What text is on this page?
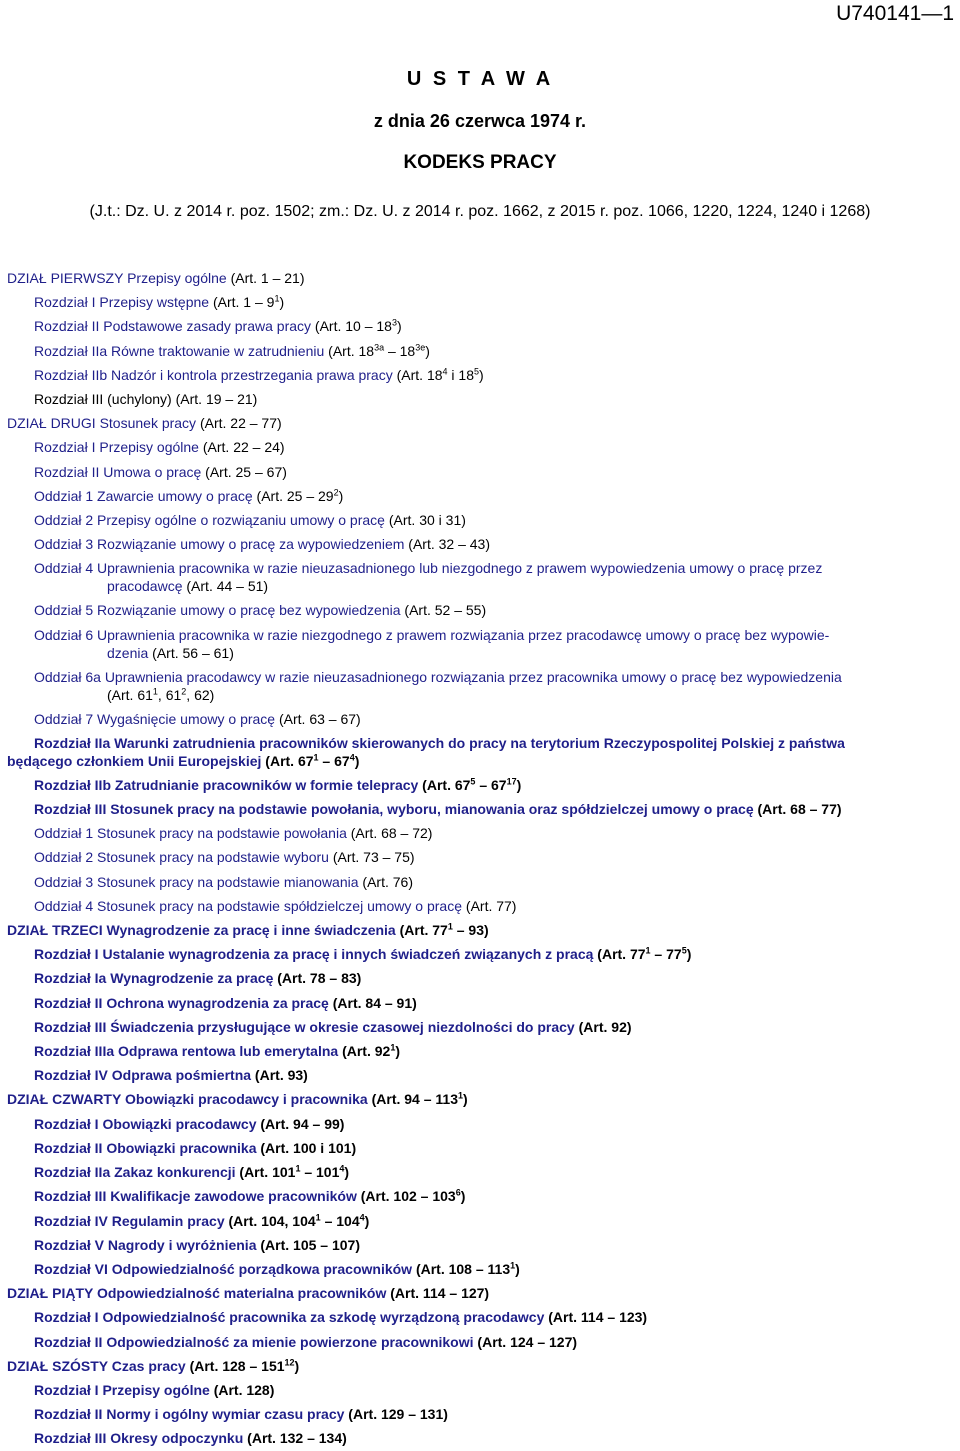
U740141—1
U S T A W A
z dnia 26 czerwca 1974 r.
KODEKS PRACY
(J.t.: Dz. U. z 2014 r. poz. 1502; zm.: Dz. U. z 2014 r. poz. 1662, z 2015 r. poz. 1066, 1220, 1224, 1240 i 1268)
DZIAŁ PIERWSZY Przepisy ogólne (Art. 1 – 21)
Rozdział I Przepisy wstępne (Art. $1 - 9^1$)
Rozdział II Podstawowe zasady prawa pracy (Art. $10 - 18^3$)
Rozdział IIa Równe traktowanie w zatrudnieniu (Art. $18^{3a} - 18^{3e}$)
Rozdział IIb Nadzór i kontrola przestrzegania prawa pracy (Art. $18^4$ i $18^5$)
Rozdział III (uchylony) (Art. 19 – 21)
DZIAŁ DRUGI Stosunek pracy (Art. 22 – 77)
Rozdział I Przepisy ogólne (Art. 22 – 24)
Rozdział II Umowa o pracę (Art. 25 – 67)
Oddział 1 Zawarcie umowy o pracę (Art. $25 - 29^2$)
Oddział 2 Przepisy ogólne o rozwiązaniu umowy o pracę (Art. 30 i 31)
Oddział 3 Rozwiązanie umowy o pracę za wypowiedzeniem (Art. 32 – 43)
Oddział 4 Uprawnienia pracownika w razie nieuzasadnionego lub niezgodnego z prawem wypowiedzenia umowy o pracę przez
pracodawcę (Art. 44 – 51)
Oddział 5 Rozwiązanie umowy o pracę bez wypowiedzenia (Art. 52 – 55)
Oddział 6 Uprawnienia pracownika w razie niezgodnego z prawem rozwiązania przez pracodawcę umowy o pracę bez wypowie-
dzenia (Art. 56 – 61)
Oddział 6a Uprawnienia pracodawcy w razie nieuzasadnionego rozwiązania przez pracownika umowy o pracę bez wypowiedzenia
(Art. $61^1$, $61^2$, 62)
Oddział 7 Wygaśnięcie umowy o pracę (Art. 63 – 67)
Rozdział IIa Warunki zatrudnienia pracowników skierowanych do pracy na terytorium Rzeczypospolitej Polskiej z państwa
będącego członkiem Unii Europejskiej (Art. $67^1 - 67^4$)
Rozdział IIb Zatrudnianie pracowników w formie telepracy (Art. $67^5 - 67^{17}$)
Rozdział III Stosunek pracy na podstawie powołania, wyboru, mianowania oraz spółdzielczej umowy o pracę (Art. 68 – 77)
Oddział 1 Stosunek pracy na podstawie powołania (Art. 68 – 72)
Oddział 2 Stosunek pracy na podstawie wyboru (Art. 73 – 75)
Oddział 3 Stosunek pracy na podstawie mianowania (Art. 76)
Oddział 4 Stosunek pracy na podstawie spółdzielczej umowy o pracę (Art. 77)
DZIAŁ TRZECI Wynagrodzenie za pracę i inne świadczenia (Art. $77^1 - 93$)
Rozdział I Ustalanie wynagrodzenia za pracę i innych świadczeń związanych z pracą (Art. $77^1 - 77^5$)
Rozdział Ia Wynagrodzenie za pracę (Art. 78 – 83)
Rozdział II Ochrona wynagrodzenia za pracę (Art. 84 – 91)
Rozdział III Świadczenia przysługujące w okresie czasowej niezdolności do pracy (Art. 92)
Rozdział IIIa Odprawa rentowa lub emerytalna (Art. $92^1$)
Rozdział IV Odprawa pośmiertna (Art. 93)
DZIAŁ CZWARTY Obowiązki pracodawcy i pracownika (Art. $94 - 113^1$)
Rozdział I Obowiązki pracodawcy (Art. 94 – 99)
Rozdział II Obowiązki pracownika (Art. 100 i 101)
Rozdział IIa Zakaz konkurencji (Art. $101^1 - 101^4$)
Rozdział III Kwalifikacje zawodowe pracowników (Art. $102 - 103^6$)
Rozdział IV Regulamin pracy (Art. 104, $104^1 - 104^4$)
Rozdział V Nagrody i wyróżnienia (Art. 105 – 107)
Rozdział VI Odpowiedzialność porządkowa pracowników (Art. $108 - 113^1$)
DZIAŁ PIĄTY Odpowiedzialność materialna pracowników (Art. 114 – 127)
Rozdział I Odpowiedzialność pracownika za szkodę wyrządzoną pracodawcy (Art. 114 – 123)
Rozdział II Odpowiedzialność za mienie powierzone pracownikowi (Art. 124 – 127)
DZIAŁ SZÓSTY Czas pracy (Art. $128 - 151^{12}$)
Rozdział I Przepisy ogólne (Art. 128)
Rozdział II Normy i ogólny wymiar czasu pracy (Art. 129 – 131)
Rozdział III Okresy odpoczynku (Art. 132 – 134)
